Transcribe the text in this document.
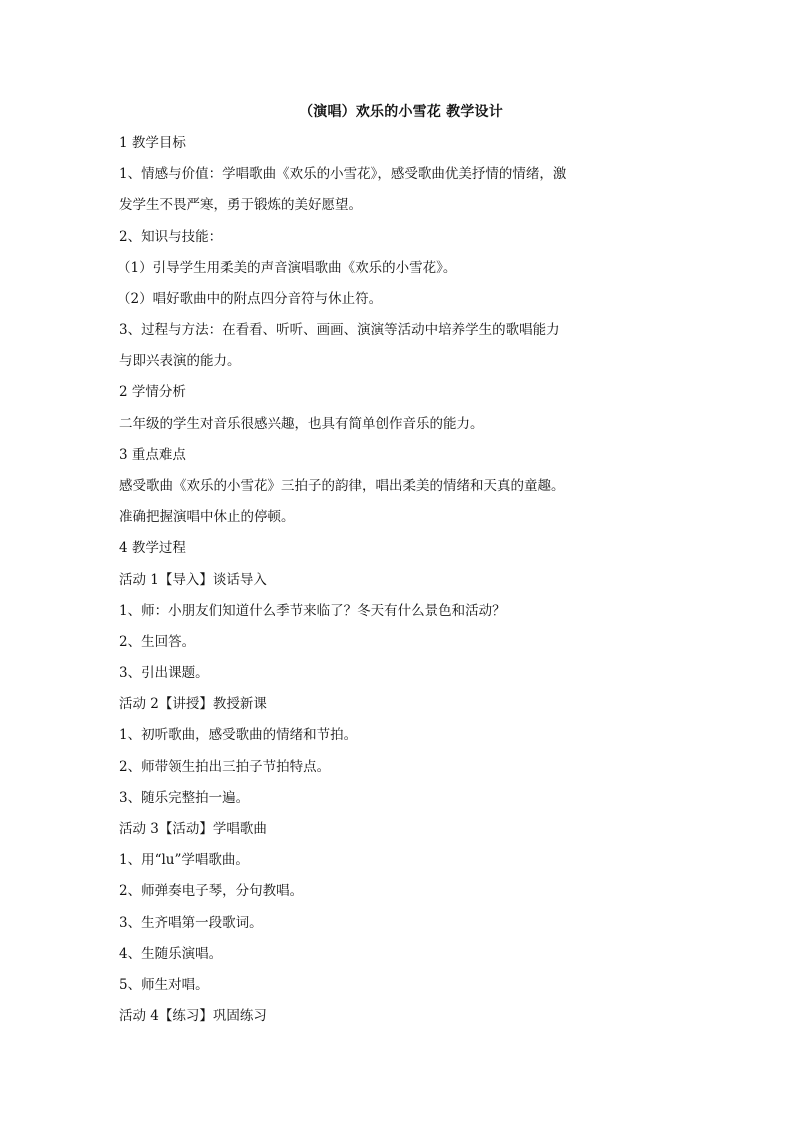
（演唱）欢乐的小雪花 教学设计
1 教学目标
1、情感与价值：学唱歌曲《欢乐的小雪花》，感受歌曲优美抒情的情绪，激
发学生不畏严寒，勇于锻炼的美好愿望。
2、知识与技能：
（1）引导学生用柔美的声音演唱歌曲《欢乐的小雪花》。
（2）唱好歌曲中的附点四分音符与休止符。
3、过程与方法：在看看、听听、画画、演演等活动中培养学生的歌唱能力
与即兴表演的能力。
2 学情分析
二年级的学生对音乐很感兴趣，也具有简单创作音乐的能力。
3 重点难点
感受歌曲《欢乐的小雪花》三拍子的韵律，唱出柔美的情绪和天真的童趣。
准确把握演唱中休止的停顿。
4 教学过程
活动 1【导入】谈话导入
1、师：小朋友们知道什么季节来临了？冬天有什么景色和活动？
2、生回答。
3、引出课题。
活动 2【讲授】教授新课
1、初听歌曲，感受歌曲的情绪和节拍。
2、师带领生拍出三拍子节拍特点。
3、随乐完整拍一遍。
活动 3【活动】学唱歌曲
1、用“lu”学唱歌曲。
2、师弹奏电子琴，分句教唱。
3、生齐唱第一段歌词。
4、生随乐演唱。
5、师生对唱。
活动 4【练习】巩固练习
